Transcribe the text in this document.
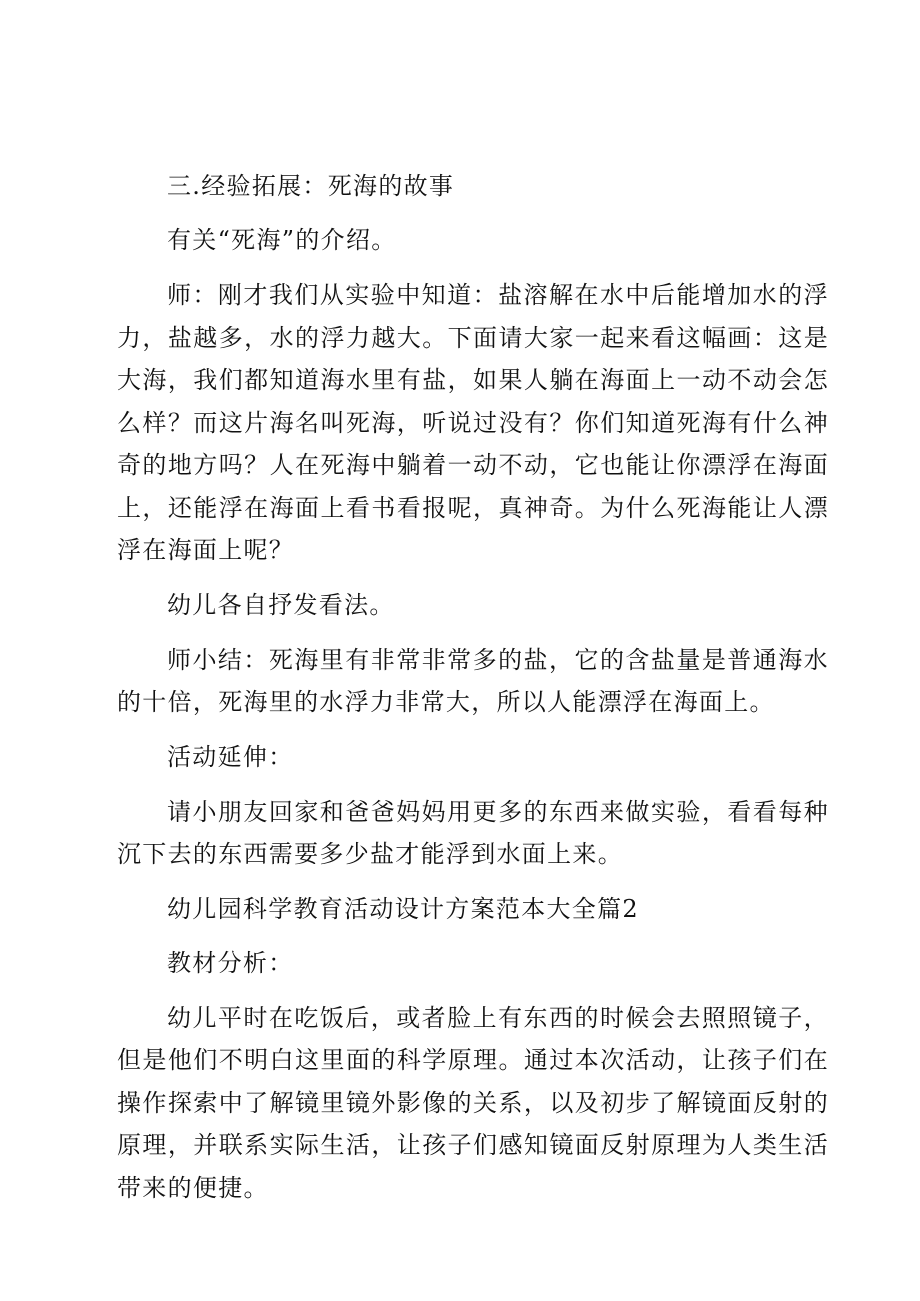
三.经验拓展：死海的故事

有关“死海”的介绍。

师：刚才我们从实验中知道：盐溶解在水中后能增加水的浮力，盐越多，水的浮力越大。下面请大家一起来看这幅画：这是大海，我们都知道海水里有盐，如果人躺在海面上一动不动会怎么样？而这片海名叫死海，听说过没有？你们知道死海有什么神奇的地方吗？人在死海中躺着一动不动，它也能让你漂浮在海面上，还能浮在海面上看书看报呢，真神奇。为什么死海能让人漂浮在海面上呢？

幼儿各自抒发看法。

师小结：死海里有非常非常多的盐，它的含盐量是普通海水的十倍，死海里的水浮力非常大，所以人能漂浮在海面上。

活动延伸：

请小朋友回家和爸爸妈妈用更多的东西来做实验，看看每种沉下去的东西需要多少盐才能浮到水面上来。

幼儿园科学教育活动设计方案范本大全篇2

教材分析：

幼儿平时在吃饭后，或者脸上有东西的时候会去照照镜子，但是他们不明白这里面的科学原理。通过本次活动，让孩子们在操作探索中了解镜里镜外影像的关系，以及初步了解镜面反射的原理，并联系实际生活，让孩子们感知镜面反射原理为人类生活带来的便捷。
